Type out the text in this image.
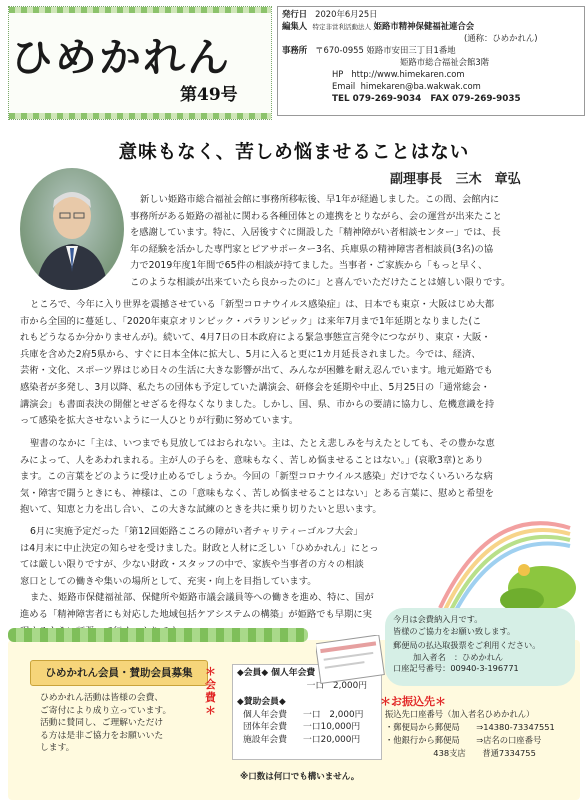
ひめかれん
第49号
発行日 2020年6月25日
編集人 特定非営利活動法人 姫路市精神保健福祉連合会
(通称：ひめかれん)
事務所 〒670-0955 姫路市安田三丁目1番地
姫路市総合福祉会館3階
HP http://www.himekaren.com
Email himekaren@ba.wakwak.com
TEL 079-269-9034 FAX 079-269-9035
意味もなく、苦しめ悩ませることはない
副理事長 三木　章弘
新しい姫路市総合福祉会館に事務所移転後、早1年が経過しました。この間、会館内に
事務所がある姫路の福祉に関わる各種団体との連携をとりながら、会の運営が出来たこと
を感謝しています。特に、入居後すぐに開設した「精神障がい者相談センター」では、長
年の経験を活かした専門家とピアサポーター3名、兵庫県の精神障害者相談員(3名)の協
力で2019年度1年間で65件の相談が持てました。当事者・ご家族から「もっと早く、
このような相談が出来ていたら良かったのに」と喜んでいただけたことは嬉しい限りです。
ところで、今年に入り世界を震撼させている「新型コロナウイルス感染症」は、日本でも東京・大阪はじめ大都
市から全国的に蔓延し、「2020年東京オリンピック・パラリンピック」は来年7月まで1年延期となりました(こ
れもどうなるか分かりませんが)。続いて、4月7日の日本政府による緊急事態宣言発令につながり、東京・大阪・
兵庫を含めた2府5県から、すぐに日本全体に拡大し、5月に入ると更に1カ月延長されました。今では、経済、
芸術・文化、スポーツ界はじめ日々の生活に大きな影響が出て、みんなが困難を耐え忍んでいます。地元姫路でも
感染者が多発し、3月以降、私たちの団体も予定していた講演会、研修会を延期や中止、5月25日の「通常総会・
講演会」も書面表決の開催とせざるを得なくなりました。しかし、国、県、市からの要請に協力し、危機意識を持
って感染を拡大させないように一人ひとりが行動に努めています。
聖書のなかに「主は、いつまでも見放してはおられない。主は、たとえ悲しみを与えたとしても、その豊かな恵
みによって、人をあわれまれる。主が人の子らを、意味もなく、苦しめ悩ませることはない。」(哀歌3章)とあり
ます。この言葉をどのように受け止めるでしょうか。今回の「新型コロナウイルス感染」だけでなくいろいろな病
気・障害で闘うときにも、神様は、この「意味もなく、苦しめ悩ませることはない」とある言葉に、慰めと希望を
抱いて、知恵と力を出し合い、この大きな試練のときを共に乗り切りたいと思います。
6月に実施予定だった「第12回姫路こころの障がい者チャリティーゴルフ大会」
は4月末に中止決定の知らせを受けました。財政と人材に乏しい「ひめかれん」にとっ
ては厳しい限りですが、少ない財政・スタッフの中で、家族や当事者の方々の相談
窓口としての働きや集いの場所として、充実・向上を目指しています。
また、姫路市保健福祉部、保健所や姫路市議会議員等への働きを進め、特に、国が
進める「精神障害者にも対応した地域包括ケアシステムの構築」が姫路でも早期に実
ひめかれん会員・賛助会員募集
ひめかれん活動は皆様の会費、
ご寄付により成り立っています。
活動に賛同し、ご理解いただけ
る方は是非ご協力をお願いいた
します。
＊会費＊
◆会員◆ 個人年会費
一口　2,000円
◆賛助会員◆
個人年会費 一口　2,000円
団体年会費 一口10,000円
施設年会費 一口20,000円
※口数は何口でも構いません。
今月は会費納入月です。
皆様のご協力をお願い致します。
郵便局の払込取扱票をご利用ください。
加入者名　：ひめかれん
口座記号番号：00940-3-196771
＊お振込先＊
振込先口座番号（加入者名ひめかれん）
・郵便局から郵便局　　⇒14380-73347551
・他銀行から郵便局　　⇒店名の口座番号
　438支店　　普通7334755
